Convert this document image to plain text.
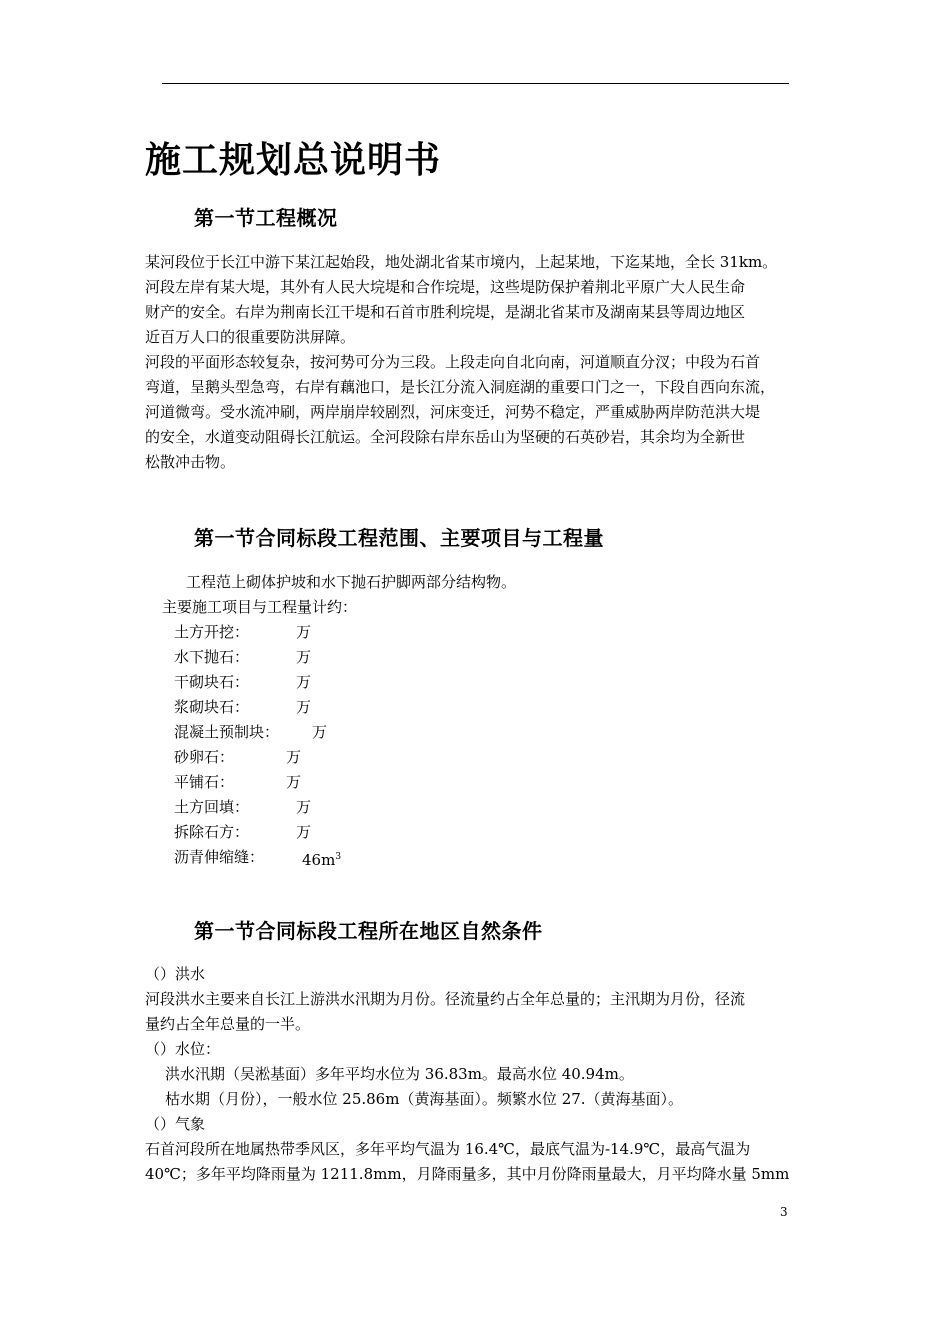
施工规划总说明书
第一节工程概况
某河段位于长江中游下某江起始段，地处湖北省某市境内，上起某地，下迄某地，全长 31km。
河段左岸有某大堤，其外有人民大垸堤和合作垸堤，这些堤防保护着荆北平原广大人民生命
财产的安全。右岸为荆南长江干堤和石首市胜利垸堤，是湖北省某市及湖南某县等周边地区
近百万人口的很重要防洪屏障。
河段的平面形态较复杂，按河势可分为三段。上段走向自北向南，河道顺直分汊；中段为石首
弯道，呈鹅头型急弯，右岸有藕池口，是长江分流入洞庭湖的重要口门之一，下段自西向东流，
河道微弯。受水流冲刷，两岸崩岸较剧烈，河床变迁，河势不稳定，严重威胁两岸防范洪大堤
的安全，水道变动阻碍长江航运。全河段除右岸东岳山为坚硬的石英砂岩，其余均为全新世
松散冲击物。
第一节合同标段工程范围、主要项目与工程量
工程范上砌体护坡和水下抛石护脚两部分结构物。
主要施工项目与工程量计约：
土方开挖：	万
水下抛石：	万
干砌块石：	万
浆砌块石：	万
混凝土预制块： 万
砂卵石：	万
平铺石：	万
土方回填：	万
拆除石方：	万
沥青伸缩缝：	$46m^3$
第一节合同标段工程所在地区自然条件
（）洪水
河段洪水主要来自长江上游洪水汛期为月份。径流量约占全年总量的；主汛期为月份，径流
量约占全年总量的一半。
（）水位：
洪水汛期（吴淞基面）多年平均水位为 36.83m。最高水位 40.94m。
枯水期（月份），一般水位 25.86m（黄海基面）。频繁水位 27.（黄海基面）。
（）气象
石首河段所在地属热带季风区，多年平均气温为 16.4℃，最底气温为-14.9℃，最高气温为
40℃；多年平均降雨量为 1211.8mm，月降雨量多，其中月份降雨量最大，月平均降水量 5mm
3
